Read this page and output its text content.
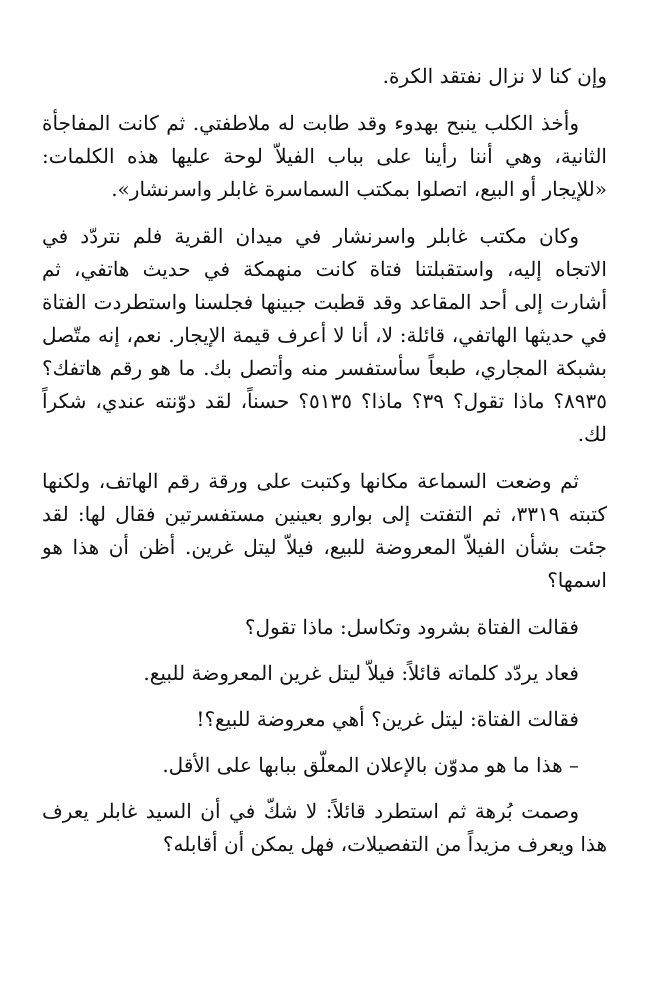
وإن كنا لا نزال نفتقد الكرة.

وأخذ الكلب ينبح بهدوء وقد طابت له ملاطفتي. ثم كانت المفاجأة الثانية، وهي أننا رأينا على بباب الفيلاّ لوحة عليها هذه الكلمات: «للإيجار أو البيع، اتصلوا بمكتب السماسرة غابلر واسرنشار».

وكان مكتب غابلر واسرنشار في ميدان القرية فلم نتردّد في الاتجاه إليه، واستقبلتنا فتاة كانت منهمكة في حديث هاتفي، ثم أشارت إلى أحد المقاعد وقد قطبت جبينها فجلسنا واستطردت الفتاة في حديثها الهاتفي، قائلة: لا، أنا لا أعرف قيمة الإيجار. نعم، إنه متّصل بشبكة المجاري، طبعاً سأستفسر منه وأتصل بك. ما هو رقم هاتفك؟ ٨٩٣٥؟ ماذا تقول؟ ٣٩؟ ماذا؟ ٥١٣٥؟ حسناً، لقد دوّنته عندي، شكراً لك.

ثم وضعت السماعة مكانها وكتبت على ورقة رقم الهاتف، ولكنها كتبته ٣٣١٩، ثم التفتت إلى بوارو بعينين مستفسرتين فقال لها: لقد جئت بشأن الفيلاّ المعروضة للبيع، فيلاّ ليتل غرين. أظن أن هذا هو اسمها؟

فقالت الفتاة بشرود وتكاسل: ماذا تقول؟

فعاد يردّد كلماته قائلاً: فيلاّ ليتل غرين المعروضة للبيع.

فقالت الفتاة: ليتل غرين؟ أهي معروضة للبيع؟!

– هذا ما هو مدوّن بالإعلان المعلّق ببابها على الأقل.

وصمت بُرهة ثم استطرد قائلاً: لا شكّ في أن السيد غابلر يعرف هذا ويعرف مزيداً من التفصيلات، فهل يمكن أن أقابله؟
